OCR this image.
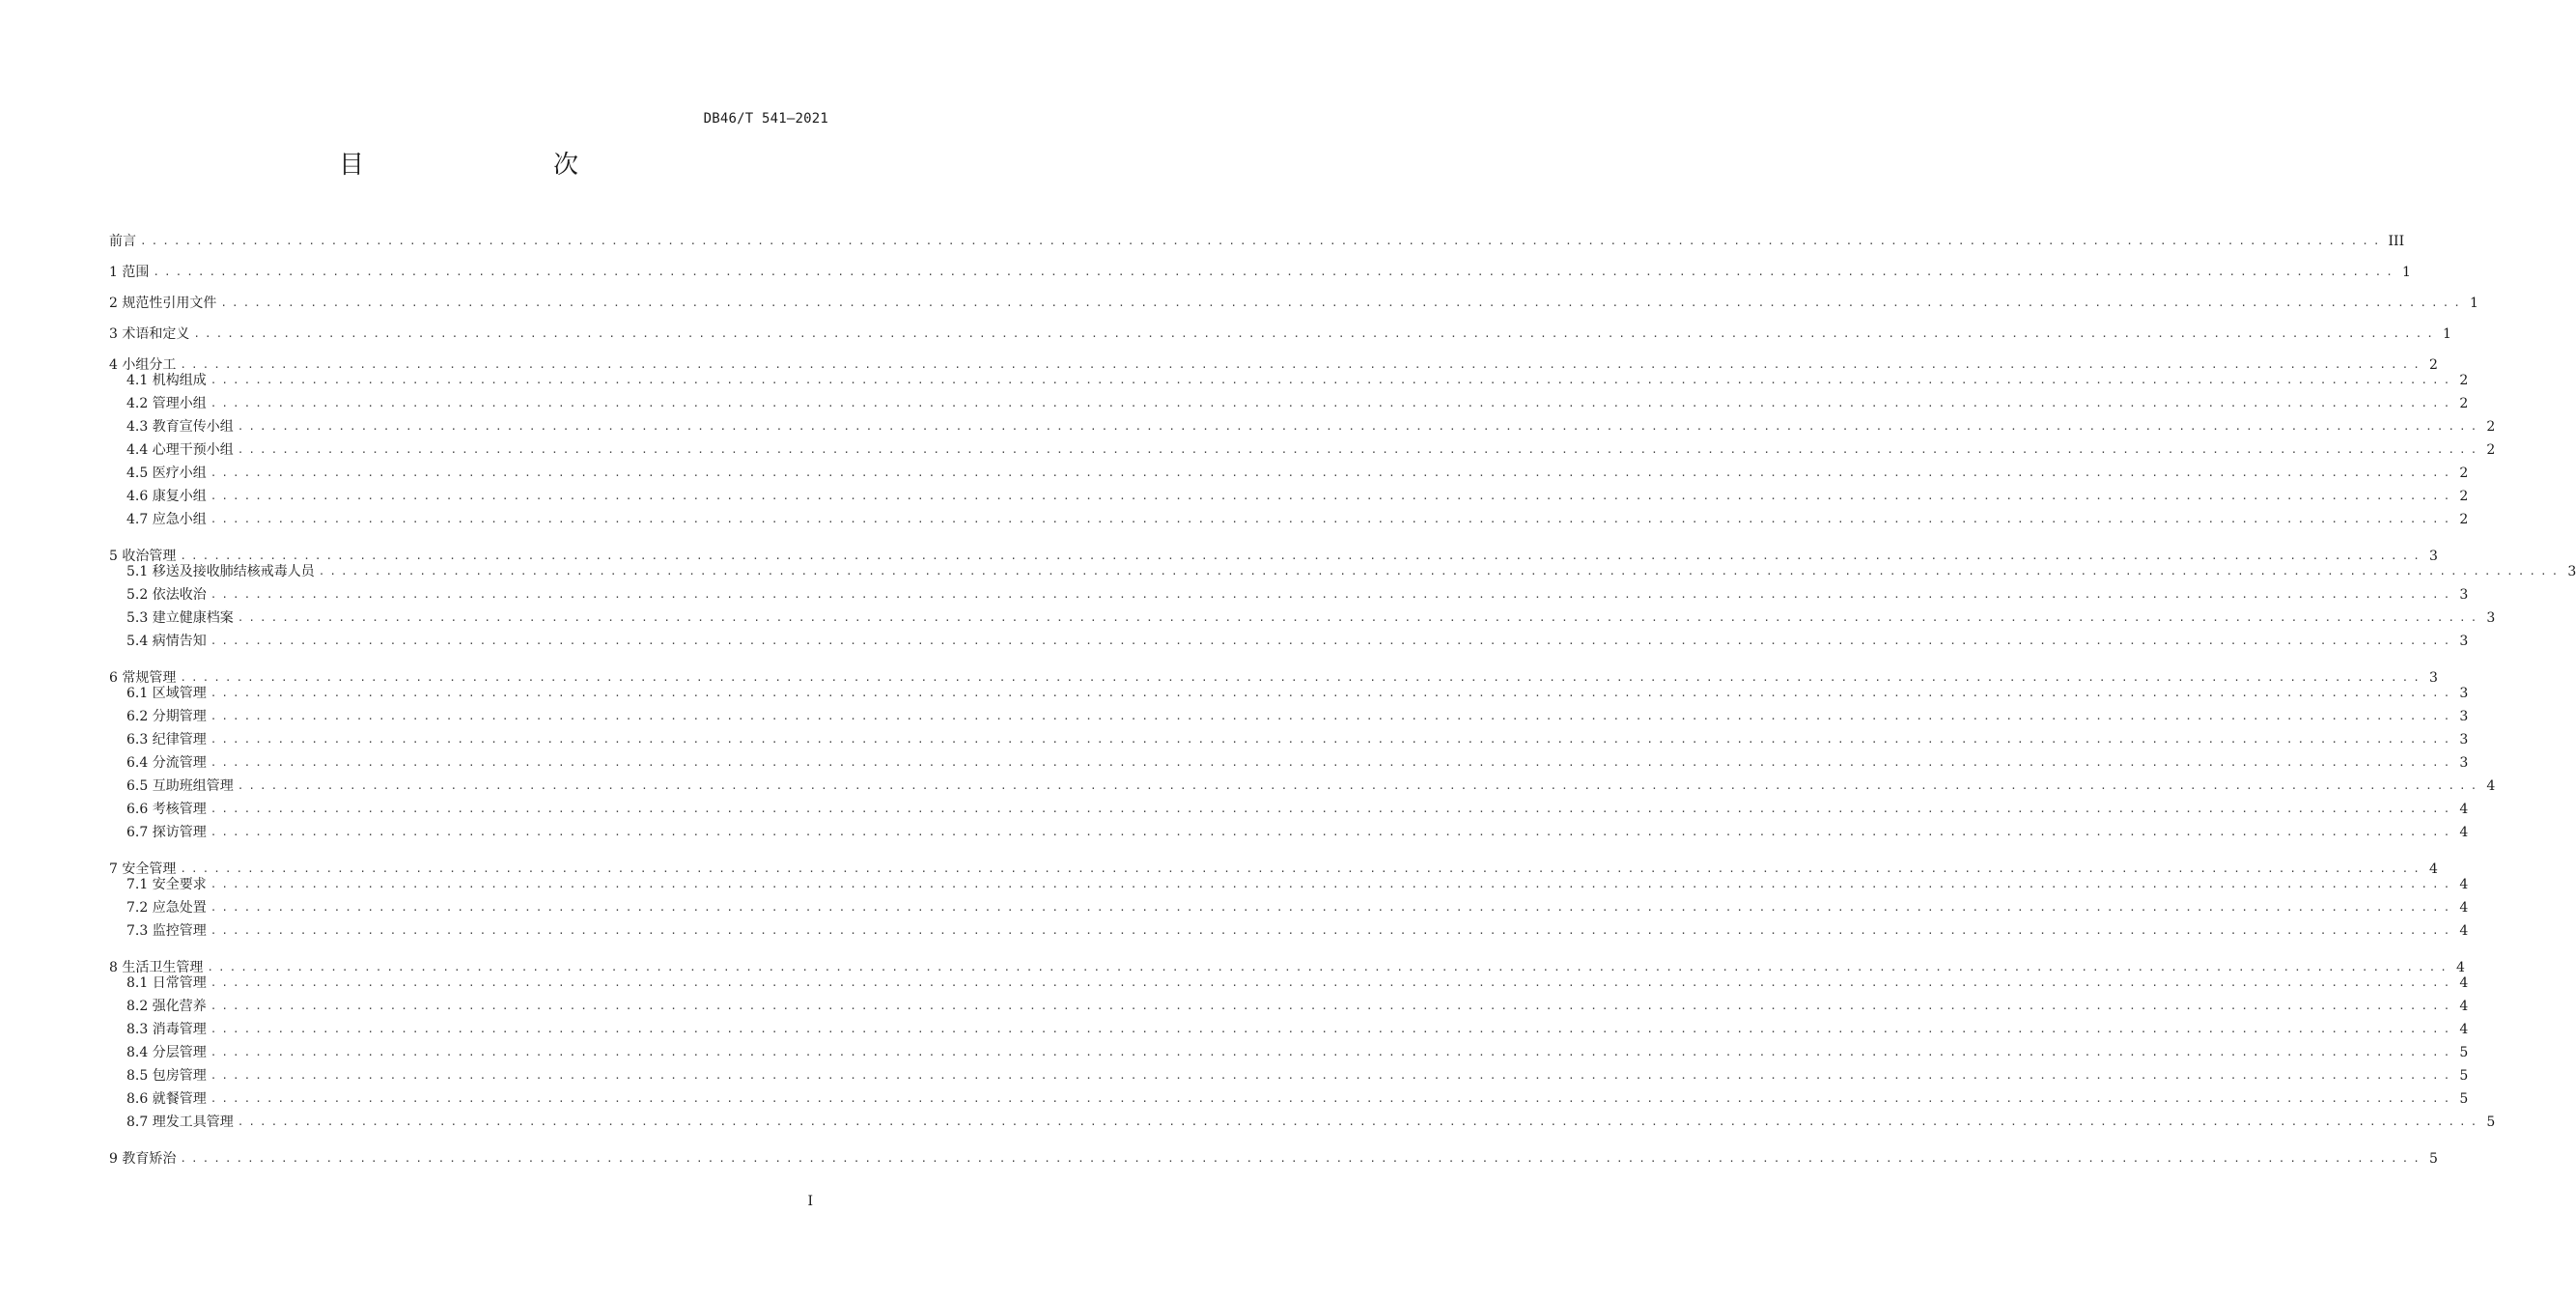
DB46/T 541—2021
目　　次
前言 ........................................................................................................................................................................................................ III
1 范围 ........................................................................................................................................................................................................ 1
2 规范性引用文件 ........................................................................................................................................................................................................ 1
3 术语和定义 ........................................................................................................................................................................................................ 1
4 小组分工 ........................................................................................................................................................................................................ 2
4.1 机构组成 ........................................................................................................................................................................................................ 2
4.2 管理小组 ........................................................................................................................................................................................................ 2
4.3 教育宣传小组 ........................................................................................................................................................................................................ 2
4.4 心理干预小组 ........................................................................................................................................................................................................ 2
4.5 医疗小组 ........................................................................................................................................................................................................ 2
4.6 康复小组 ........................................................................................................................................................................................................ 2
4.7 应急小组 ........................................................................................................................................................................................................ 2
5 收治管理 ........................................................................................................................................................................................................ 3
5.1 移送及接收肺结核戒毒人员 ........................................................................................................................................................................................................ 3
5.2 依法收治 ........................................................................................................................................................................................................ 3
5.3 建立健康档案 ........................................................................................................................................................................................................ 3
5.4 病情告知 ........................................................................................................................................................................................................ 3
6 常规管理 ........................................................................................................................................................................................................ 3
6.1 区域管理 ........................................................................................................................................................................................................ 3
6.2 分期管理 ........................................................................................................................................................................................................ 3
6.3 纪律管理 ........................................................................................................................................................................................................ 3
6.4 分流管理 ........................................................................................................................................................................................................ 3
6.5 互助班组管理 ........................................................................................................................................................................................................ 4
6.6 考核管理 ........................................................................................................................................................................................................ 4
6.7 探访管理 ........................................................................................................................................................................................................ 4
7 安全管理 ........................................................................................................................................................................................................ 4
7.1 安全要求 ........................................................................................................................................................................................................ 4
7.2 应急处置 ........................................................................................................................................................................................................ 4
7.3 监控管理 ........................................................................................................................................................................................................ 4
8 生活卫生管理 ........................................................................................................................................................................................................ 4
8.1 日常管理 ........................................................................................................................................................................................................ 4
8.2 强化营养 ........................................................................................................................................................................................................ 4
8.3 消毒管理 ........................................................................................................................................................................................................ 4
8.4 分层管理 ........................................................................................................................................................................................................ 5
8.5 包房管理 ........................................................................................................................................................................................................ 5
8.6 就餐管理 ........................................................................................................................................................................................................ 5
8.7 理发工具管理 ........................................................................................................................................................................................................ 5
9 教育矫治 ........................................................................................................................................................................................................ 5
I
